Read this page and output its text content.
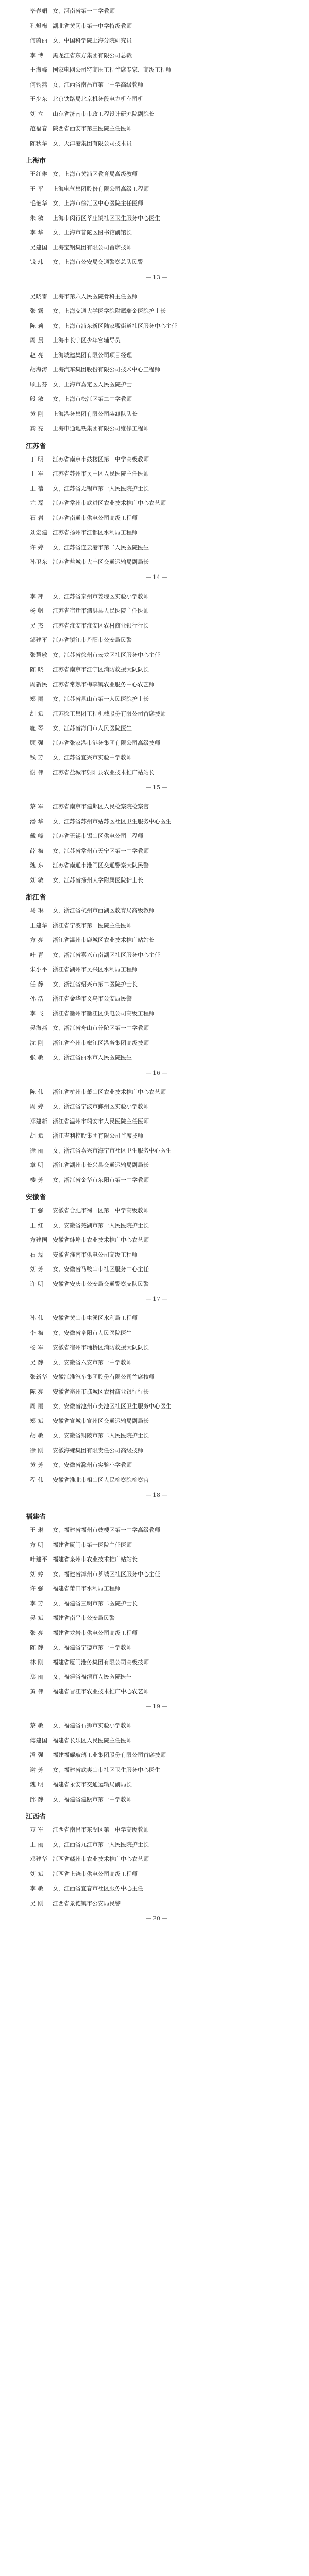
毕春娟 女，河南省第一中学教师
孔魁梅 湖北省黄冈市第一中学特级教师
何蔚丽 女，中国科学院上海分院研究员
李 博	黑龙江省东方集团有限公司总裁
王海峰 国家电网公司特高压工程首席专家、高级工程师
何钧燕 女，江西省南昌市第一中学高级教师
王少东 北京铁路局北京机务段电力机车司机
刘 立	山东省济南市市政工程设计研究院副院长
范福春 陕西省西安市第三医院主任医师
陈秋华 女，天津港集团有限公司技术员
上海市
王红琳 女，上海市黄浦区教育局高级教师
王 平	上海电气集团股份有限公司高级工程师
毛艳华 女，上海市徐汇区中心医院主任医师
朱 敏	上海市闵行区莘庄镇社区卫生服务中心医生
李 华	女，上海市普陀区图书馆副馆长
吴建国 上海宝钢集团有限公司首席技师
钱 玮	女，上海市公安局交通警察总队民警
— 13 —
吴晓雷 上海市第六人民医院骨科主任医师
张 露	女，上海交通大学医学院附属瑞金医院护士长
陈 莉	女，上海市浦东新区陆家嘴街道社区服务中心主任
周 晨	上海市长宁区少年宫辅导员
赵 亮	上海城建集团有限公司项目经理
胡海涛 上海汽车集团股份有限公司技术中心工程师
顾玉芬 女，上海市嘉定区人民医院护士
殷 敏	女，上海市松江区第二中学教师
黄 刚	上海港务集团有限公司装卸队队长
龚 亮	上海申通地铁集团有限公司维修工程师
江苏省
丁 明	江苏省南京市鼓楼区第一中学高级教师
王 军	江苏省苏州市吴中区人民医院主任医师
王 蓓	女，江苏省无锡市第一人民医院护士长
尤 磊	江苏省常州市武进区农业技术推广中心农艺师
石 岩	江苏省南通市供电公司高级工程师
刘宏建 江苏省扬州市江都区水利局工程师
许 婷	女，江苏省连云港市第二人民医院医生
孙卫东 江苏省盐城市大丰区交通运输局副局长
— 14 —
李 萍	女，江苏省泰州市姜堰区实验小学教师
杨 帆	江苏省宿迁市泗洪县人民医院主任医师
吴 杰	江苏省淮安市淮安区农村商业银行行长
邹建平 江苏省镇江市丹阳市公安局民警
张慧敏 女，江苏省徐州市云龙区社区服务中心主任
陈 晓	江苏省南京市江宁区消防救援大队队长
周新民 江苏省常熟市梅李镇农业服务中心农艺师
郑 丽	女，江苏省昆山市第一人民医院护士长
胡 斌	江苏徐工集团工程机械股份有限公司首席技师
施 琴	女，江苏省海门市人民医院医生
顾 强	江苏省张家港市港务集团有限公司高级技师
钱 芳	女，江苏省宜兴市实验中学教师
谢 伟	江苏省盐城市射阳县农业技术推广站站长
— 15 —
蔡 军	江苏省南京市建邺区人民检察院检察官
潘 华	女，江苏省苏州市姑苏区社区卫生服务中心医生
戴 峰	江苏省无锡市锡山区供电公司工程师
薛 梅	女，江苏省常州市天宁区第一中学教师
魏 东	江苏省南通市港闸区交通警察大队民警
刘 敏	女，江苏省扬州大学附属医院护士长
浙江省
马 琳	女，浙江省杭州市西湖区教育局高级教师
王建华 浙江省宁波市第一医院主任医师
方 亮	浙江省温州市鹿城区农业技术推广站站长
叶 青	女，浙江省嘉兴市南湖区社区服务中心主任
朱小平 浙江省湖州市吴兴区水利局工程师
任 静	女，浙江省绍兴市第二医院护士长
孙 浩	浙江省金华市义乌市公安局民警
李 飞	浙江省衢州市衢江区供电公司高级工程师
吴海燕 女，浙江省舟山市普陀区第一中学教师
沈 刚	浙江省台州市椒江区港务集团高级技师
张 敏	女，浙江省丽水市人民医院医生
— 16 —
陈 伟	浙江省杭州市萧山区农业技术推广中心农艺师
周 婷	女，浙江省宁波市鄞州区实验小学教师
郑建新 浙江省温州市瑞安市人民医院主任医师
胡 斌	浙江吉利控股集团有限公司首席技师
徐 丽	女，浙江省嘉兴市海宁市社区卫生服务中心医生
章 明	浙江省湖州市长兴县交通运输局副局长
楼 芳	女，浙江省金华市东阳市第一中学教师
安徽省
丁 强	安徽省合肥市蜀山区第一中学高级教师
王 红	女，安徽省芜湖市第一人民医院护士长
方建国 安徽省蚌埠市农业技术推广中心农艺师
石 磊	安徽省淮南市供电公司高级工程师
刘 芳	女，安徽省马鞍山市社区服务中心主任
许 明	安徽省安庆市公安局交通警察支队民警
— 17 —
孙 伟	安徽省黄山市屯溪区水利局工程师
李 梅	女，安徽省阜阳市人民医院医生
杨 军	安徽省宿州市埇桥区消防救援大队队长
吴 静	女，安徽省六安市第一中学教师
张新华 安徽江淮汽车集团股份有限公司首席技师
陈 亮	安徽省亳州市谯城区农村商业银行行长
周 丽	女，安徽省池州市贵池区社区卫生服务中心医生
郑 斌	安徽省宣城市宣州区交通运输局副局长
胡 敏	女，安徽省铜陵市第二人民医院护士长
徐 刚	安徽海螺集团有限责任公司高级技师
黄 芳	女，安徽省滁州市实验小学教师
程 伟	安徽省淮北市相山区人民检察院检察官
— 18 —
福建省
王 琳	女，福建省福州市鼓楼区第一中学高级教师
方 明	福建省厦门市第一医院主任医师
叶建平 福建省泉州市农业技术推广站站长
刘 婷	女，福建省漳州市芗城区社区服务中心主任
许 强	福建省莆田市水利局工程师
李 芳	女，福建省三明市第二医院护士长
吴 斌	福建省南平市公安局民警
张 亮	福建省龙岩市供电公司高级工程师
陈 静	女，福建省宁德市第一中学教师
林 刚	福建省厦门港务集团有限公司高级技师
郑 丽	女，福建省福清市人民医院医生
黄 伟	福建省晋江市农业技术推广中心农艺师
— 19 —
蔡 敏	女，福建省石狮市实验小学教师
傅建国 福建省长乐区人民医院主任医师
潘 强	福建福耀玻璃工业集团股份有限公司首席技师
谢 芳	女，福建省武夷山市社区卫生服务中心医生
魏 明	福建省永安市交通运输局副局长
邱 静	女，福建省建瓯市第一中学教师
江西省
万 军	江西省南昌市东湖区第一中学高级教师
王 丽	女，江西省九江市第一人民医院护士长
邓建华 江西省赣州市农业技术推广中心农艺师
刘 斌	江西省上饶市供电公司高级工程师
李 敏	女，江西省宜春市社区服务中心主任
吴 刚	江西省景德镇市公安局民警
— 20 —
